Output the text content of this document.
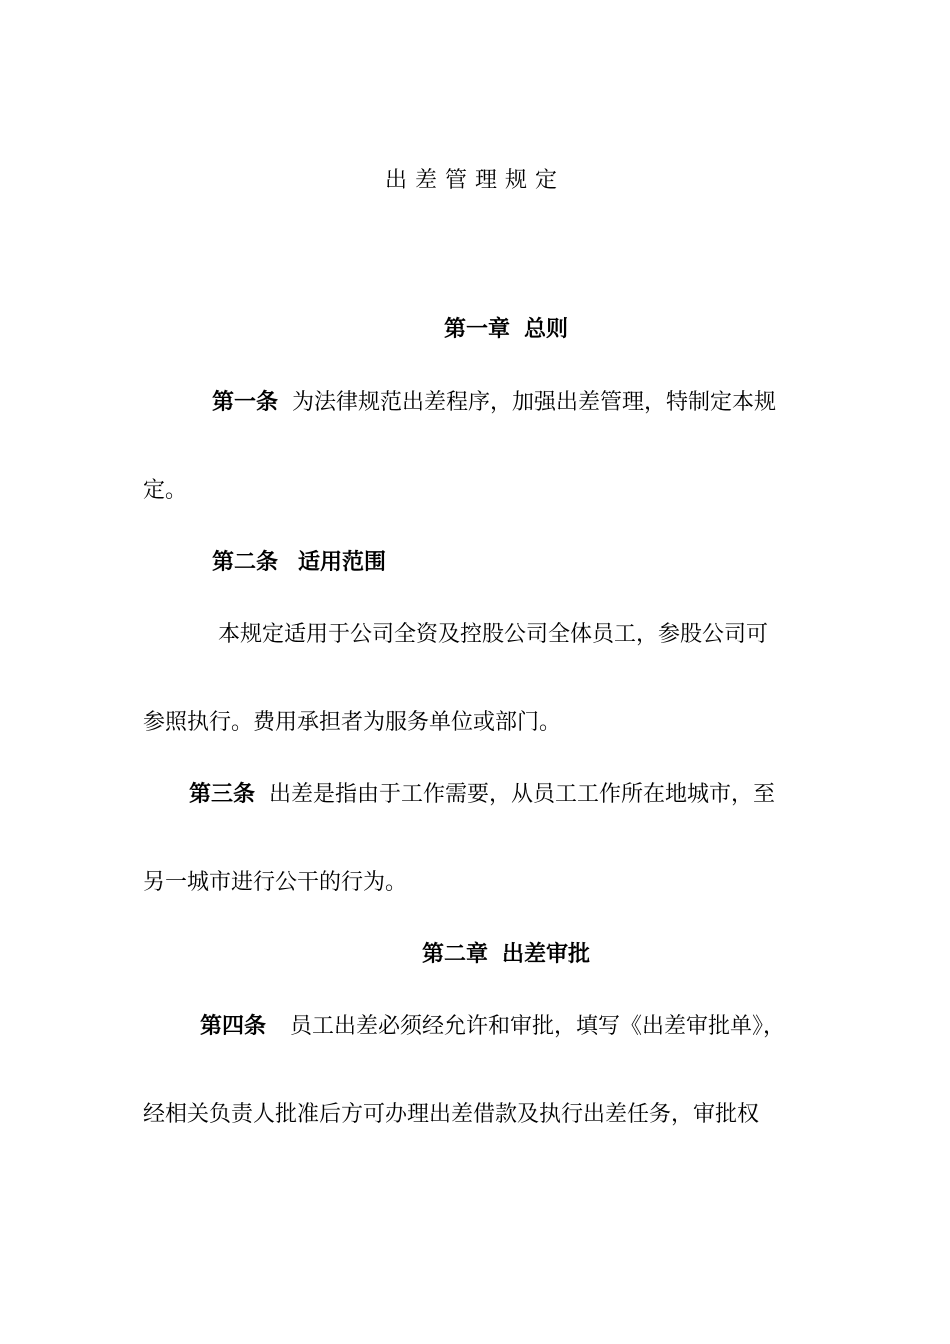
出差管理规定
第一章 总则
第一条 为法律规范出差程序，加强出差管理，特制定本规
定。
第二条 适用范围
本规定适用于公司全资及控股公司全体员工，参股公司可
参照执行。费用承担者为服务单位或部门。
第三条 出差是指由于工作需要，从员工工作所在地城市，至
另一城市进行公干的行为。
第二章 出差审批
第四条 员工出差必须经允许和审批，填写《出差审批单》，
经相关负责人批准后方可办理出差借款及执行出差任务，审批权
